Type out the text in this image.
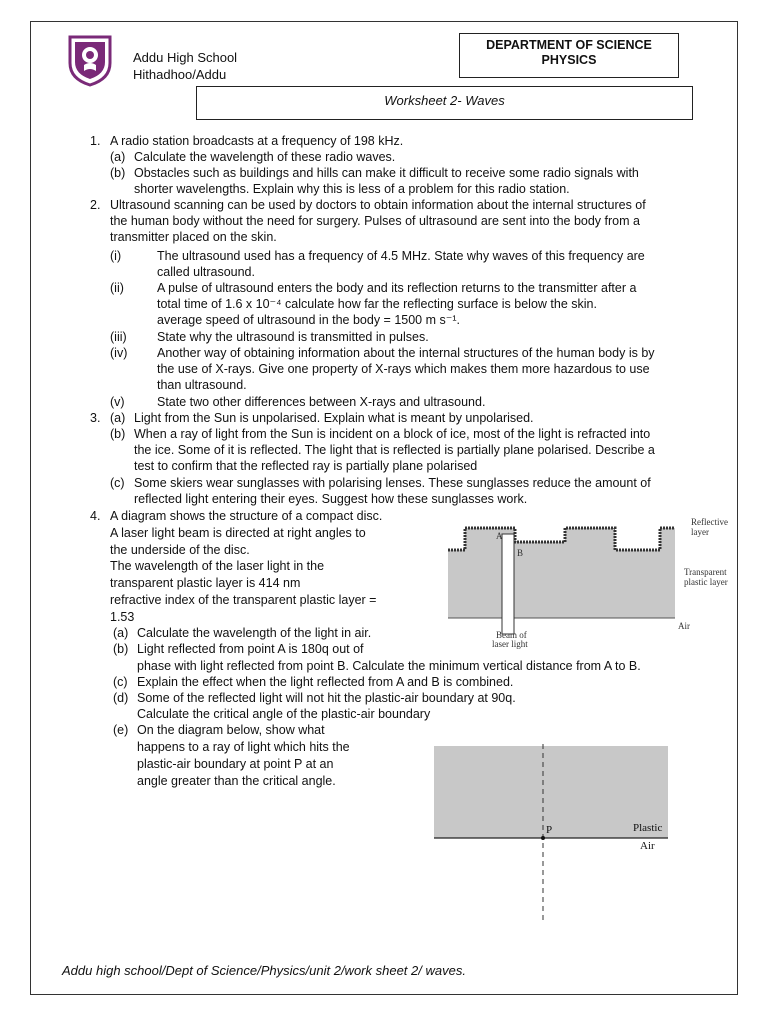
Addu High School
Hithadhoo/Addu
DEPARTMENT OF SCIENCE
PHYSICS
Worksheet 2- Waves
1. A radio station broadcasts at a frequency of 198 kHz.
(a) Calculate the wavelength of these radio waves.
(b) Obstacles such as buildings and hills can make it difficult to receive some radio signals with
shorter wavelengths. Explain why this is less of a problem for this radio station.
2. Ultrasound scanning can be used by doctors to obtain information about the internal structures of
the human body without the need for surgery. Pulses of ultrasound are sent into the body from a
transmitter placed on the skin.
(i)	The ultrasound used has a frequency of 4.5 MHz. State why waves of this frequency are
called ultrasound.
(ii)	A pulse of ultrasound enters the body and its reflection returns to the transmitter after a
total time of 1.6 x 10⁻⁴ calculate how far the reflecting surface is below the skin.
average speed of ultrasound in the body = 1500 m s⁻¹.
(iii) State why the ultrasound is transmitted in pulses.
(iv) Another way of obtaining information about the internal structures of the human body is by
the use of X-rays. Give one property of X-rays which makes them more hazardous to use
than ultrasound.
(v)	State two other differences between X-rays and ultrasound.
3. (a) Light from the Sun is unpolarised. Explain what is meant by unpolarised.
(b) When a ray of light from the Sun is incident on a block of ice, most of the light is refracted into
the ice. Some of it is reflected. The light that is reflected is partially plane polarised. Describe a
test to confirm that the reflected ray is partially plane polarised
(c) Some skiers wear sunglasses with polarising lenses. These sunglasses reduce the amount of
reflected light entering their eyes. Suggest how these sunglasses work.
4. A diagram shows the structure of a compact disc.
A laser light beam is directed at right angles to
the underside of the disc.
The wavelength of the laser light in the
transparent plastic layer is 414 nm
refractive index of the transparent plastic layer =
1.53
(a) Calculate the wavelength of the light in air.
(b) Light reflected from point A is 180q out of
phase with light reflected from point B. Calculate the minimum vertical distance from A to B.
(c) Explain the effect when the light reflected from A and B is combined.
(d) Some of the reflected light will not hit the plastic-air boundary at 90q.
Calculate the critical angle of the plastic-air boundary
(e) On the diagram below, show what
happens to a ray of light which hits the
plastic-air boundary at point P at an
angle greater than the critical angle.
A
B
Reflective
layer
Transparent
plastic layer
Air
Beam of
laser light
P	Plastic
Air
Addu high school/Dept of Science/Physics/unit 2/work sheet 2/ waves.
